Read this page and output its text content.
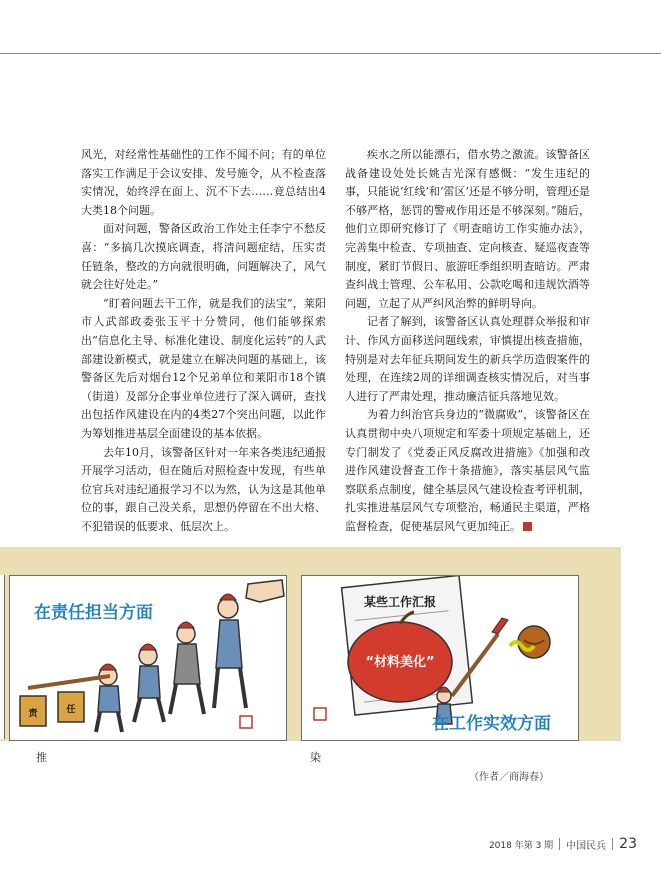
风光，对经常性基础性的工作不闻不问；有的单位落实工作满足于会议安排、发号施令，从不检查落实情况，始终浮在面上、沉不下去……竟总结出4大类18个问题。

面对问题，警备区政治工作处主任李宁不愁反喜：“多搞几次摸底调查，将清问题症结，压实责任链条，整改的方向就很明确，问题解决了，风气就会往好处走。”

“盯着问题去干工作，就是我们的法宝”，莱阳市人武部政委张玉平十分赞同，他们能够探索出“信息化主导、标准化建设、制度化运转”的人武部建设新模式，就是建立在解决问题的基础上，该警备区先后对烟台12个兄弟单位和莱阳市18个镇（街道）及部分企事业单位进行了深入调研，查找出包括作风建设在内的4类27个突出问题，以此作为筹划推进基层全面建设的基本依据。

去年10月，该警备区针对一年来各类违纪通报开展学习活动，但在随后对照检查中发现，有些单位官兵对违纪通报学习不以为然，认为这是其他单位的事，跟自己没关系，思想仍停留在不出大格、不犯错误的低要求、低层次上。

疾水之所以能漂石，借水势之激流。该警备区战备建设处处长姚吉光深有感慨：“发生违纪的事，只能说‘红线’和‘雷区’还是不够分明，管理还是不够严格，惩罚的警戒作用还是不够深刻。”随后，他们立即研究修订了《明查暗访工作实施办法》，完善集中检查、专项抽查、定向核查、疑巡夜查等制度，紧盯节假日、旅游旺季组织明查暗访。严肃查纠战士管理、公车私用、公款吃喝和违规饮酒等问题，立起了从严纠风治弊的鲜明导向。

记者了解到，该警备区认真处理群众举报和审计、作风方面移送问题线索，审慎提出核查措施，特别是对去年征兵期间发生的新兵学历造假案件的处理，在连续2周的详细调查核实情况后，对当事人进行了严肃处理，推动廉洁征兵落地见效。

为着力纠治官兵身边的“微腐败”，该警备区在认真贯彻中央八项规定和军委十项规定基础上，还专门制发了《党委正风反腐改进措施》《加强和改进作风建设督查工作十条措施》，落实基层风气监察联系点制度，健全基层风气建设检查考评机制，扎实推进基层风气专项整治，畅通民主渠道，严格监督检查，促使基层风气更加纯正。	军

责	任
在责任担当方面
某些工作汇报
“材料美化”
在工作实效方面
推	染
（作者／商海春）
2018 年第 3 期 中国民兵 23
